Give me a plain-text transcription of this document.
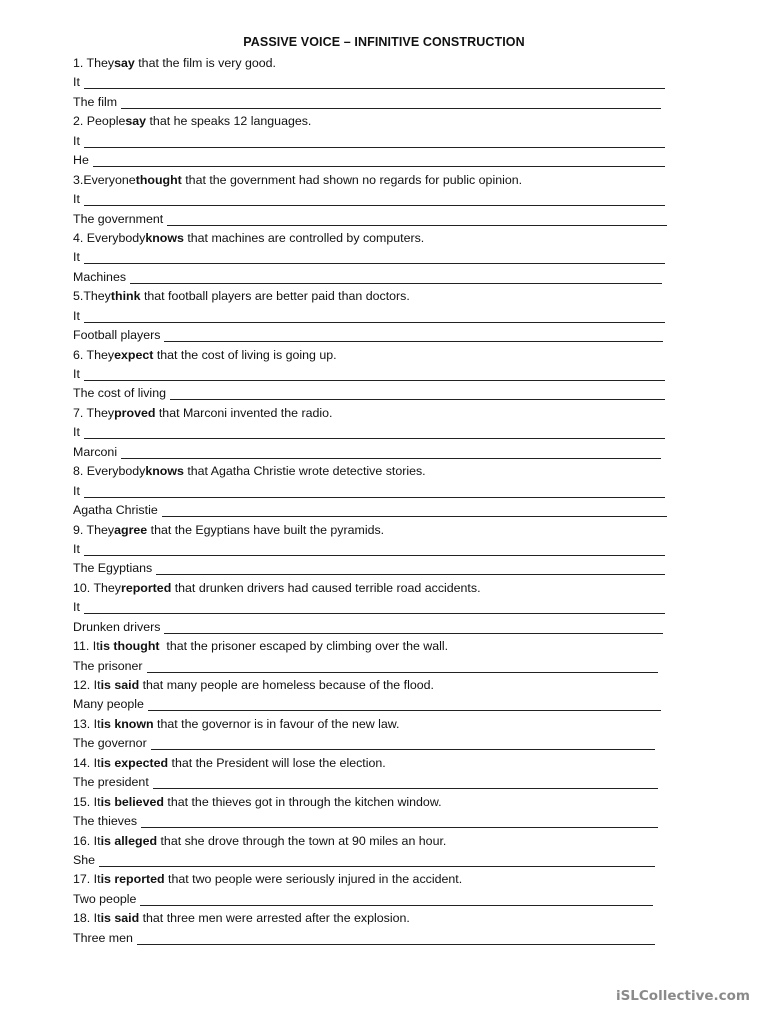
PASSIVE VOICE – INFINITIVE CONSTRUCTION
1. They say that the film is very good.
It
The film
2. People say that he speaks 12 languages.
It
He
3.Everyone thought that the government had shown no regards for public opinion.
It
The government
4. Everybody knows that machines are controlled by computers.
It
Machines
5.They think that football players are better paid than doctors.
It
Football players
6. They expect that the cost of living is going up.
It
The cost of living
7. They proved that Marconi invented the radio.
It
Marconi
8. Everybody knows that Agatha Christie wrote detective stories.
It
Agatha Christie
9. They agree that the Egyptians have built the pyramids.
It
The Egyptians
10. They reported that drunken drivers had caused terrible road accidents.
It
Drunken drivers
11. It is thought that the prisoner escaped by climbing over the wall.
The prisoner
12. It is said that many people are homeless because of the flood.
Many people
13. It is known that the governor is in favour of the new law.
The governor
14. It is expected that the President will lose the election.
The president
15. It is believed that the thieves got in through the kitchen window.
The thieves
16. It is alleged that she drove through the town at 90 miles an hour.
She
17. It is reported that two people were seriously injured in the accident.
Two people
18. It is said that three men were arrested after the explosion.
Three men
iSLCollective.com
